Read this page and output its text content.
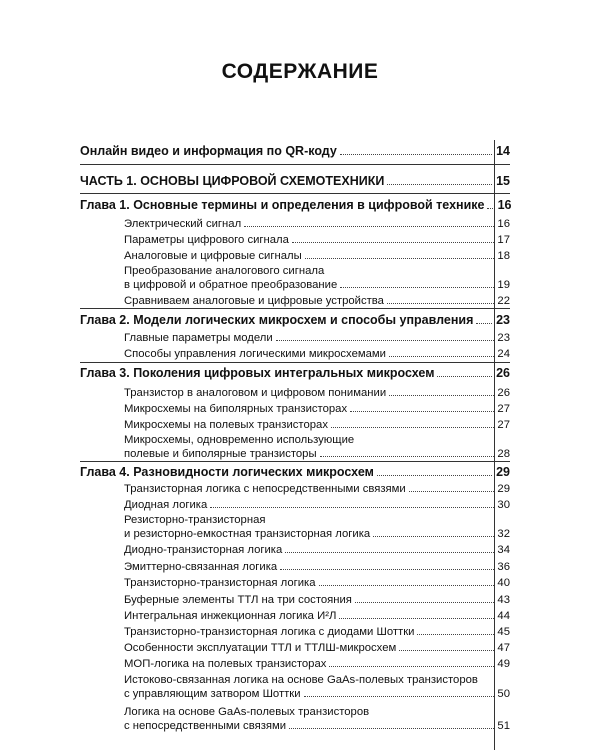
СОДЕРЖАНИЕ
Онлайн видео и информация по QR-коду	14
ЧАСТЬ 1. ОСНОВЫ ЦИФРОВОЙ СХЕМОТЕХНИКИ	15
Глава 1. Основные термины и определения в цифровой технике 16
Электрический сигнал	16
Параметры цифрового сигнала	17
Аналоговые и цифровые сигналы	18
Преобразование аналогового сигнала
в цифровой и обратное преобразование	19
Сравниваем аналоговые и цифровые устройства	22
Глава 2. Модели логических микросхем и способы управления 23
Главные параметры модели	23
Способы управления логическими микросхемами	24
Глава 3. Поколения цифровых интегральных микросхем	26
Транзистор в аналоговом и цифровом понимании	26
Микросхемы на биполярных транзисторах	27
Микросхемы на полевых транзисторах	27
Микросхемы, одновременно использующие
полевые и биполярные транзисторы	28
Глава 4. Разновидности логических микросхем	29
Транзисторная логика с непосредственными связями	29
Диодная логика	30
Резисторно-транзисторная
и резисторно-емкостная транзисторная логика	32
Диодно-транзисторная логика	34
Эмиттерно-связанная логика	36
Транзисторно-транзисторная логика	40
Буферные элементы ТТЛ на три состояния	43
Интегральная инжекционная логика И²Л	44
Транзисторно-транзисторная логика с диодами Шоттки	45
Особенности эксплуатации ТТЛ и ТТЛШ-микросхем	47
МОП-логика на полевых транзисторах	49
Истоково-связанная логика на основе GaAs-полевых транзисторов
с управляющим затвором Шоттки	50
Логика на основе GaAs-полевых транзисторов
с непосредственными связями	51
